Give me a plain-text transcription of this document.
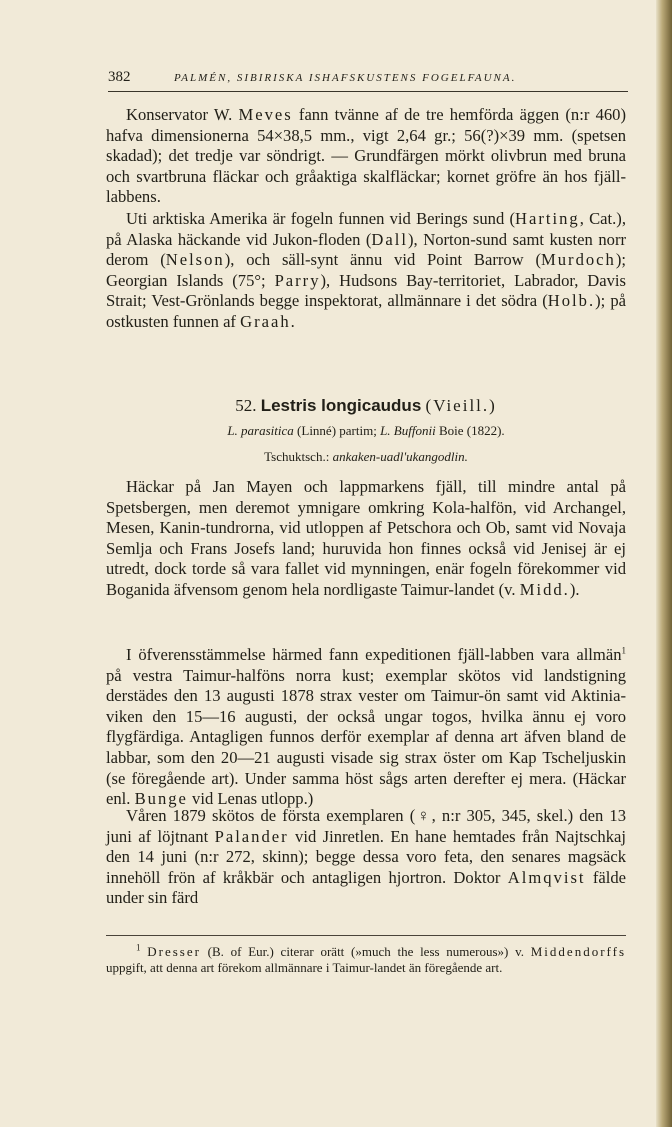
382	PALMÉN, SIBIRISKA ISHAFSKUSTENS FOGELFAUNA.

Konservator W. Meves fann tvänne af de tre hemförda äggen (n:r 460) hafva dimensionerna 54×38,5 mm., vigt 2,64 gr.; 56(?)×39 mm. (spetsen skadad); det tredje var söndrigt. — Grundfärgen mörkt olivbrun med bruna och svartbruna fläckar och gråaktiga skalfläckar; kornet gröfre än hos fjäll-labbens.

Uti arktiska Amerika är fogeln funnen vid Berings sund (Harting, Cat.), på Alaska häckande vid Jukon-floden (Dall), Norton-sund samt kusten norr derom (Nelson), och säll-synt ännu vid Point Barrow (Murdoch); Georgian Islands (75°; Parry), Hudsons Bay-territoriet, Labrador, Davis Strait; Vest-Grönlands begge inspektorat, allmännare i det södra (Holb.); på ostkusten funnen af Graah.

52. Lestris longicaudus (Vieill.)
L. parasitica (Linné) partim; L. Buffonii Boie (1822).
Tschuktsch.: ankaken-uadl'ukangodlin.

Häckar på Jan Mayen och lappmarkens fjäll, till mindre antal på Spetsbergen, men deremot ymnigare omkring Kola-halfön, vid Archangel, Mesen, Kanin-tundrorna, vid utloppen af Petschora och Ob, samt vid Novaja Semlja och Frans Josefs land; huruvida hon finnes också vid Jenisej är ej utredt, dock torde så vara fallet vid mynningen, enär fogeln förekommer vid Boganida äfvensom genom hela nordligaste Taimur-landet (v. Midd.).

I öfverensstämmelse härmed fann expeditionen fjäll-labben vara allmän$^1$ på vestra Taimur-halföns norra kust; exemplar skötos vid landstigning derstädes den 13 augusti 1878 strax vester om Taimur-ön samt vid Aktinia-viken den 15—16 augusti, der också ungar togos, hvilka ännu ej voro flygfärdiga. Antagligen funnos derför exemplar af denna art äfven bland de labbar, som den 20—21 augusti visade sig strax öster om Kap Tscheljuskin (se föregående art). Under samma höst sågs arten derefter ej mera. (Häckar enl. Bunge vid Lenas utlopp.)

Våren 1879 skötos de första exemplaren (♀, n:r 305, 345, skel.) den 13 juni af löjtnant Palander vid Jinretlen. En hane hemtades från Najtschkaj den 14 juni (n:r 272, skinn); begge dessa voro feta, den senares magsäck innehöll frön af kråkbär och antagligen hjortron. Doktor Almqvist fälde under sin färd

$^1$ Dresser (B. of Eur.) citerar orätt (»much the less numerous») v. Middendorffs uppgift, att denna art förekom allmännare i Taimur-landet än föregående art.
